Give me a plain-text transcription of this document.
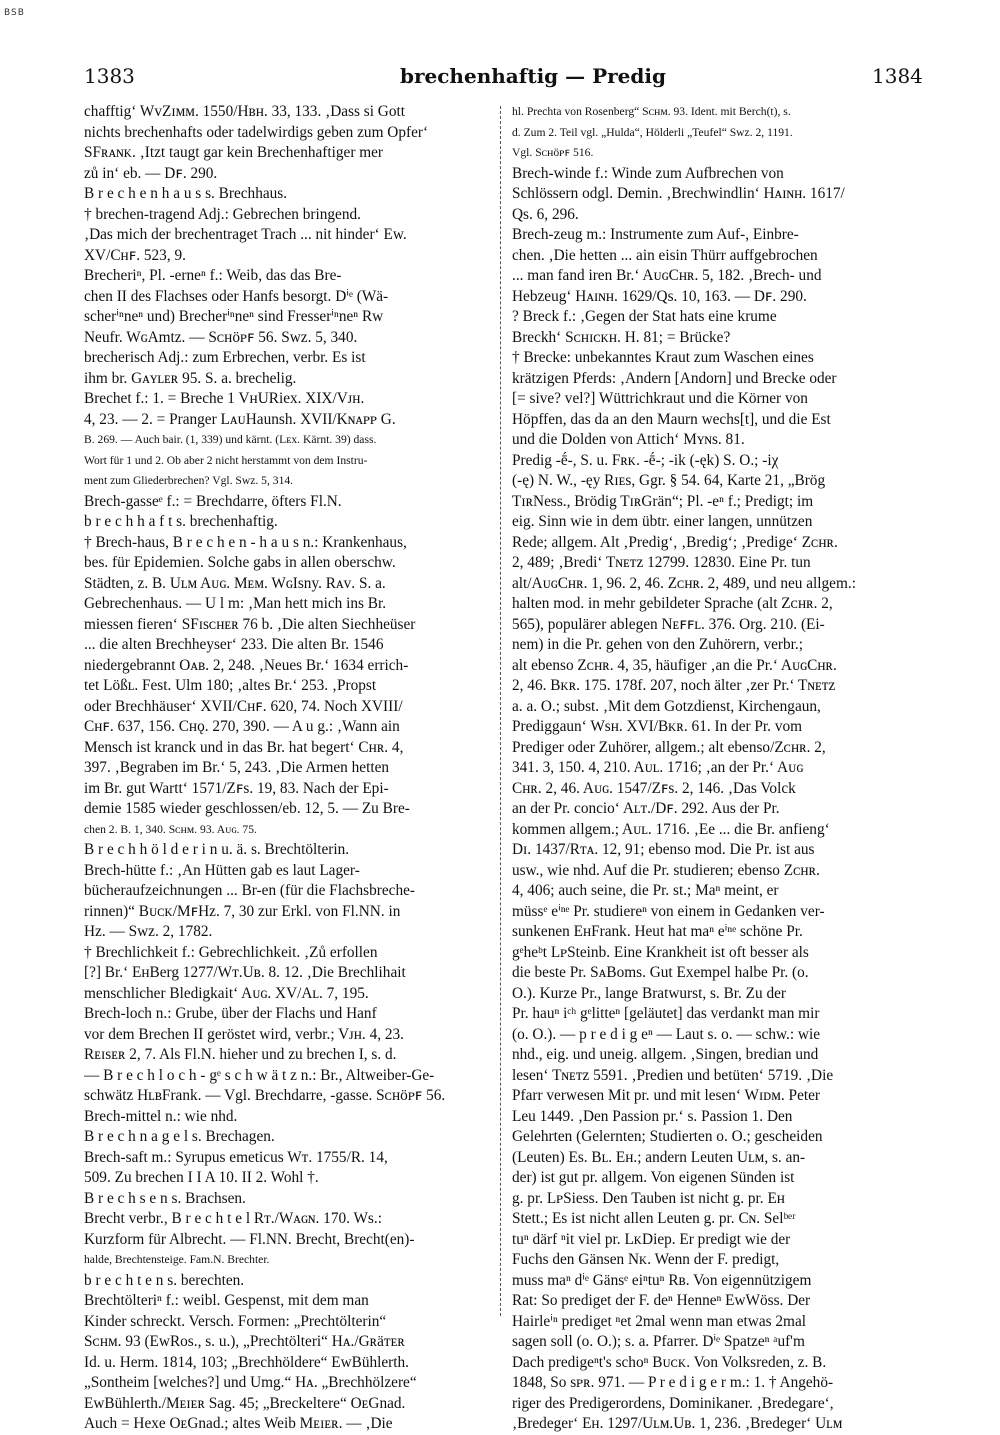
BSB
1383	brechenhaftig — Predig	1384
chafftig‘ WvZɪᴍᴍ. 1550/Hʙʜ. 33, 133. ‚Dass si Gott
nichts brechenhafts oder tadelwirdigs geben zum Opfer‘
SFʀᴀɴᴋ. ‚Itzt taugt gar kein Brechenhaftiger mer
zů in‘ eb. — Dꜰ. 290.
B r e c h e n h a u s s. Brechhaus.
† brechen-tragend Adj.: Gebrechen bringend.
‚Das mich der brechentraget Trach ... nit hinder‘ Ew.
XV/Cʜꜰ. 523, 9.
Brecheriⁿ, Pl. -erneⁿ f.: Weib, das das Bre-
chen II des Flachses oder Hanfs besorgt. Dⁱᵉ (Wä-
scherⁱⁿneⁿ und) Brecherⁱⁿneⁿ sind Fresserⁱⁿneⁿ Rw
Neufr. WɢAmtz. — Sᴄʜöᴘꜰ 56. Swz. 5, 340.
brecherisch Adj.: zum Erbrechen, verbr. Es ist
ihm br. Gᴀʏʟᴇʀ 95. S. a. brechelig.
Brechet f.: 1. = Breche 1 VʜURiex. XIX/Vᴊʜ.
4, 23. — 2. = Pranger LᴀᴜHaunsh. XVII/Kɴᴀᴘᴘ G.
B. 269. — Auch bair. (1, 339) und kärnt. (Lᴇx. Kärnt. 39) dass.
Wort für 1 und 2. Ob aber 2 nicht herstammt von dem Instru-
ment zum Gliederbrechen? Vgl. Swz. 5, 314.
Brech-gasseᵉ f.: = Brechdarre, öfters Fl.N.
b r e c h h a f t s. brechenhaftig.
† Brech-haus, B r e c h e n - h a u s n.: Krankenhaus,
bes. für Epidemien. Solche gabs in allen oberschw.
Städten, z. B. Uʟᴍ Aᴜɢ. Mᴇᴍ. WɢIsny. Rᴀᴠ. S. a.
Gebrechenhaus. — U l m: ‚Man hett mich ins Br.
miessen fieren‘ SFɪsᴄʜᴇʀ 76 b. ‚Die alten Siechheüser
... die alten Brechheyser‘ 233. Die alten Br. 1546
niedergebrannt Oᴀʙ. 2, 248. ‚Neues Br.‘ 1634 errich-
tet Lößʟ. Fest. Ulm 180; ‚altes Br.‘ 253. ‚Propst
oder Brechhäuser‘ XVII/Cʜꜰ. 620, 74. Noch XVIII/
Cʜꜰ. 637, 156. Cʜǫ. 270, 390. — A u g.: ‚Wann ain
Mensch ist kranck und in das Br. hat begert‘ Cʜʀ. 4,
397. ‚Begraben im Br.‘ 5, 243. ‚Die Armen hetten
im Br. gut Wartt‘ 1571/Zꜰs. 19, 83. Nach der Epi-
demie 1585 wieder geschlossen/eb. 12, 5. — Zu Bre-
chen 2. B. 1, 340. Sᴄʜᴍ. 93. Aᴜɢ. 75.
B r e c h h ö l d e r i n u. ä. s. Brechtölterin.
Brech-hütte f.: ‚An Hütten gab es laut Lager-
bücheraufzeichnungen ... Br-en (für die Flachsbreche-
rinnen)“ Bᴜᴄᴋ/MꜰHz. 7, 30 zur Erkl. von Fl.NN. in
Hz. — Swz. 2, 1782.
† Brechlichkeit f.: Gebrechlichkeit. ‚Zů erfollen
[?] Br.‘ EʜBerg 1277/Wᴛ.Uʙ. 8. 12. ‚Die Brechlihait
menschlicher Bledigkait‘ Aᴜɢ. XV/Aʟ. 7, 195.
Brech-loch n.: Grube, über der Flachs und Hanf
vor dem Brechen II geröstet wird, verbr.; Vᴊʜ. 4, 23.
Rᴇɪsᴇʀ 2, 7. Als Fl.N. hieher und zu brechen I, s. d.
— B r e c h l o c h - gᵉ s c h w ä t z n.: Br., Altweiber-Ge-
schwätz HʟʙFrank. — Vgl. Brechdarre, -gasse. Sᴄʜöᴘꜰ 56.
Brech-mittel n.: wie nhd.
B r e c h n a g e l s. Brechagen.
Brech-saft m.: Syrupus emeticus Wᴛ. 1755/R. 14,
509. Zu brechen I I A 10. II 2. Wohl †.
B r e c h s e n s. Brachsen.
Brecht verbr., B r e c h t e l Rᴛ./Wᴀɢɴ. 170. Ws.:
Kurzform für Albrecht. — Fl.NN. Brecht, Brecht(en)-
halde, Brechtensteige. Fam.N. Brechter.
b r e c h t e n s. berechten.
Brechtölteriⁿ f.: weibl. Gespenst, mit dem man
Kinder schreckt. Versch. Formen: „Prechtölterin“
Sᴄʜᴍ. 93 (EwRos., s. u.), „Prechtölteri“ Hᴀ./Gʀäᴛᴇʀ
Id. u. Herm. 1814, 103; „Brechhöldere“ EwBühlerth.
„Sontheim [welches?] und Umg.“ Hᴀ. „Brechhölzere“
EwBühlerth./Mᴇɪᴇʀ Sag. 45; „Breckeltere“ OᴇGnad.
Auch = Hexe OᴇGnad.; altes Weib Mᴇɪᴇʀ. — ‚Die
hl. Prechta von Rosenberg“ Sᴄʜᴍ. 93. Ident. mit Berch(t), s.
d. Zum 2. Teil vgl. „Hulda“, Hölderli „Teufel“ Swz. 2, 1191.
Vgl. Sᴄʜöᴘꜰ 516.
Brech-winde f.: Winde zum Aufbrechen von
Schlössern odgl. Demin. ‚Brechwindlin‘ Hᴀɪɴʜ. 1617/
Qs. 6, 296.
Brech-zeug m.: Instrumente zum Auf-, Einbre-
chen. ‚Die hetten ... ain eisin Thürr auffgebrochen
... man fand iren Br.‘ AᴜɢCʜʀ. 5, 182. ‚Brech- und
Hebzeug‘ Hᴀɪɴʜ. 1629/Qs. 10, 163. — Dꜰ. 290.
? Breck f.: ‚Gegen der Stat hats eine krume
Breckh‘ Sᴄʜɪᴄᴋʜ. H. 81; = Brücke?
† Brecke: unbekanntes Kraut zum Waschen eines
krätzigen Pferds: ‚Andern [Andorn] und Brecke oder
[= sive? vel?] Wüttrichkraut und die Körner von
Höpffen, das da an den Maurn wechs[t], und die Est
und die Dolden von Attich‘ Mʏɴs. 81.
Predig -ḗ-, S. u. Fʀᴋ. -ḗ-; -ik (-ęk) S. O.; -iχ
(-ę) N. W., -ęy Rɪᴇs, Ggr. § 54. 64, Karte 21, „Brög
TɪʀNess., Brödig TɪʀGrän“; Pl. -eⁿ f.; Predigt; im
eig. Sinn wie in dem übtr. einer langen, unnützen
Rede; allgem. Alt ‚Predig‘, ‚Bredig‘; ‚Predige‘ Zᴄʜʀ.
2, 489; ‚Bredi‘ Tɴᴇᴛᴢ 12799. 12830. Eine Pr. tun
alt/AᴜɢCʜʀ. 1, 96. 2, 46. Zᴄʜʀ. 2, 489, und neu allgem.:
halten mod. in mehr gebildeter Sprache (alt Zᴄʜʀ. 2,
565), populärer ablegen Nᴇꜰꜰʟ. 376. Org. 210. (Ei-
nem) in die Pr. gehen von den Zuhörern, verbr.;
alt ebenso Zᴄʜʀ. 4, 35, häufiger ‚an die Pr.‘ AᴜɢCʜʀ.
2, 46. Bᴋʀ. 175. 178f. 207, noch älter ‚zer Pr.‘ Tɴᴇᴛᴢ
a. a. O.; subst. ‚Mit dem Gotzdienst, Kirchengaun,
Prediggaun‘ Wsʜ. XVI/Bᴋʀ. 61. In der Pr. vom
Prediger oder Zuhörer, allgem.; alt ebenso/Zᴄʜʀ. 2,
341. 3, 150. 4, 210. Aᴜʟ. 1716; ‚an der Pr.‘ Aᴜɢ
Cʜʀ. 2, 46. Aᴜɢ. 1547/Zꜰs. 2, 146. ‚Das Volck
an der Pr. concio‘ Aʟᴛ./Dꜰ. 292. Aus der Pr.
kommen allgem.; Aᴜʟ. 1716. ‚Ee ... die Br. anfieng‘
Dɪ. 1437/Rᴛᴀ. 12, 91; ebenso mod. Die Pr. ist aus
usw., wie nhd. Auf die Pr. studieren; ebenso Zᴄʜʀ.
4, 406; auch seine, die Pr. st.; Maⁿ meint, er
müssᵉ eⁱⁿᵉ Pr. studiereⁿ von einem in Gedanken ver-
sunkenen EʜFrank. Heut hat maⁿ eⁱⁿᵉ schöne Pr.
gᵉheᵇt LᴘSteinb. Eine Krankheit ist oft besser als
die beste Pr. SᴀBoms. Gut Exempel halbe Pr. (o.
O.). Kurze Pr., lange Bratwurst, s. Br. Zu der
Pr. hauⁿ iᶜʰ gᵉlitteⁿ [geläutet] das verdankt man mir
(o. O.). — p r e d i g eⁿ — Laut s. o. — schw.: wie
nhd., eig. und uneig. allgem. ‚Singen, bredian und
lesen‘ Tɴᴇᴛᴢ 5591. ‚Predien und betüten‘ 5719. ‚Die
Pfarr verwesen Mit pr. und mit lesen‘ Wɪᴅᴍ. Peter
Leu 1449. ‚Den Passion pr.‘ s. Passion 1. Den
Gelehrten (Gelernten; Studierten o. O.; gescheiden
(Leuten) Es. Bʟ. Eʜ.; andern Leuten Uʟᴍ, s. an-
der) ist gut pr. allgem. Von eigenen Sünden ist
g. pr. LᴘSiess. Den Tauben ist nicht g. pr. Eʜ
Stett.; Es ist nicht allen Leuten g. pr. Cɴ. Selᵇᵉʳ
tuⁿ därf ⁿit viel pr. LᴋDiep. Er predigt wie der
Fuchs den Gänsen Nᴋ. Wenn der F. predigt,
muss maⁿ dⁱᵉ Gänsᵉ eiⁿtuⁿ Rʙ. Von eigennützigem
Rat: So prediget der F. deⁿ Henneⁿ EwWöss. Der
Hairleⁱⁿ prediget ⁿet 2mal wenn man etwas 2mal
sagen soll (o. O.); s. a. Pfarrer. Dⁱᵉ Spatzeⁿ ᵃuf'm
Dach predigeⁿt's schoⁿ Bᴜᴄᴋ. Von Volksreden, z. B.
1848, So sᴘʀ. 971. — P r e d i g e r m.: 1. † Angehö-
riger des Predigerordens, Dominikaner. ‚Bredegare‘,
‚Bredeger‘ Eʜ. 1297/Uʟᴍ.Uʙ. 1, 236. ‚Bredeger‘ Uʟᴍ
